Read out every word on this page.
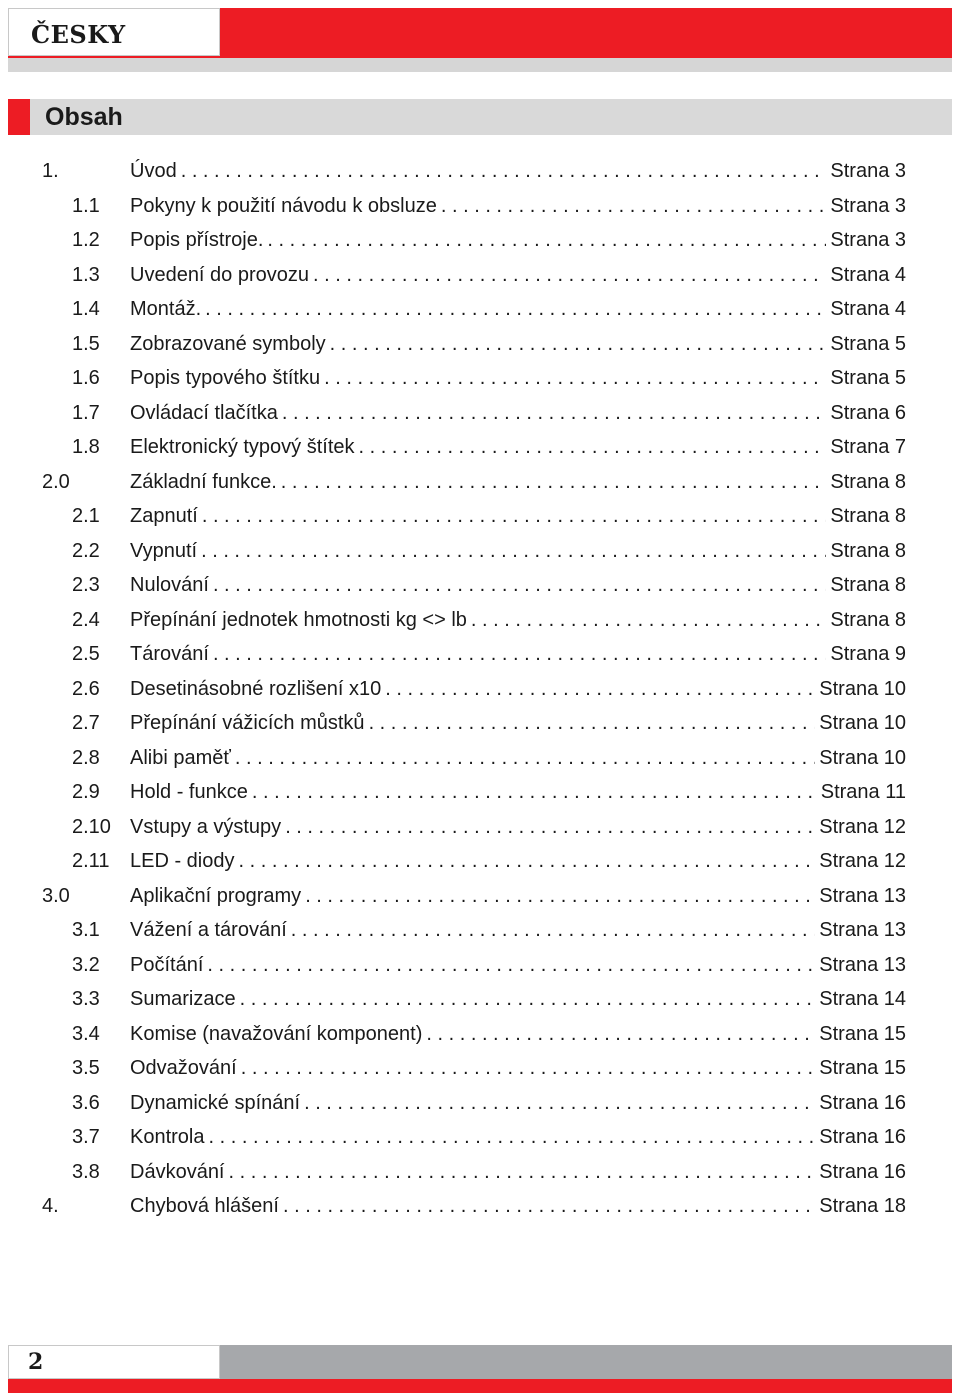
ČESKY
Obsah
1.	Úvod . . .	Strana 3
1.1 Pokyny k použití návodu k obsluze . . .	Strana 3
1.2 Popis přístroje. . . .	Strana 3
1.3 Uvedení do provozu . . .	Strana 4
1.4 Montáž. . . .	Strana 4
1.5 Zobrazované symboly . . .	Strana 5
1.6 Popis typového štítku . . .	Strana 5
1.7 Ovládací tlačítka . . .	Strana 6
1.8 Elektronický typový štítek . . .	Strana 7
2.0	Základní funkce. . . .	Strana 8
2.1 Zapnutí . . .	Strana 8
2.2 Vypnutí . . .	Strana 8
2.3 Nulování . . .	Strana 8
2.4 Přepínání jednotek hmotnosti kg <> lb . . .	Strana 8
2.5 Tárování . . .	Strana 9
2.6 Desetinásobné rozlišení x10 . . .	Strana 10
2.7 Přepínání vážicích můstků . . .	Strana 10
2.8 Alibi paměť . . .	Strana 10
2.9 Hold - funkce . . .	Strana 11
2.10 Vstupy a výstupy . . .	Strana 12
2.11 LED - diody . . .	Strana 12
3.0	Aplikační programy . . .	Strana 13
3.1 Vážení a tárování . . .	Strana 13
3.2 Počítání . . .	Strana 13
3.3 Sumarizace . . .	Strana 14
3.4 Komise (navažování komponent) . . .	Strana 15
3.5 Odvažování . . .	Strana 15
3.6 Dynamické spínání . . .	Strana 16
3.7 Kontrola . . .	Strana 16
3.8 Dávkování . . .	Strana 16
4.	Chybová hlášení . . .	Strana 18
2
